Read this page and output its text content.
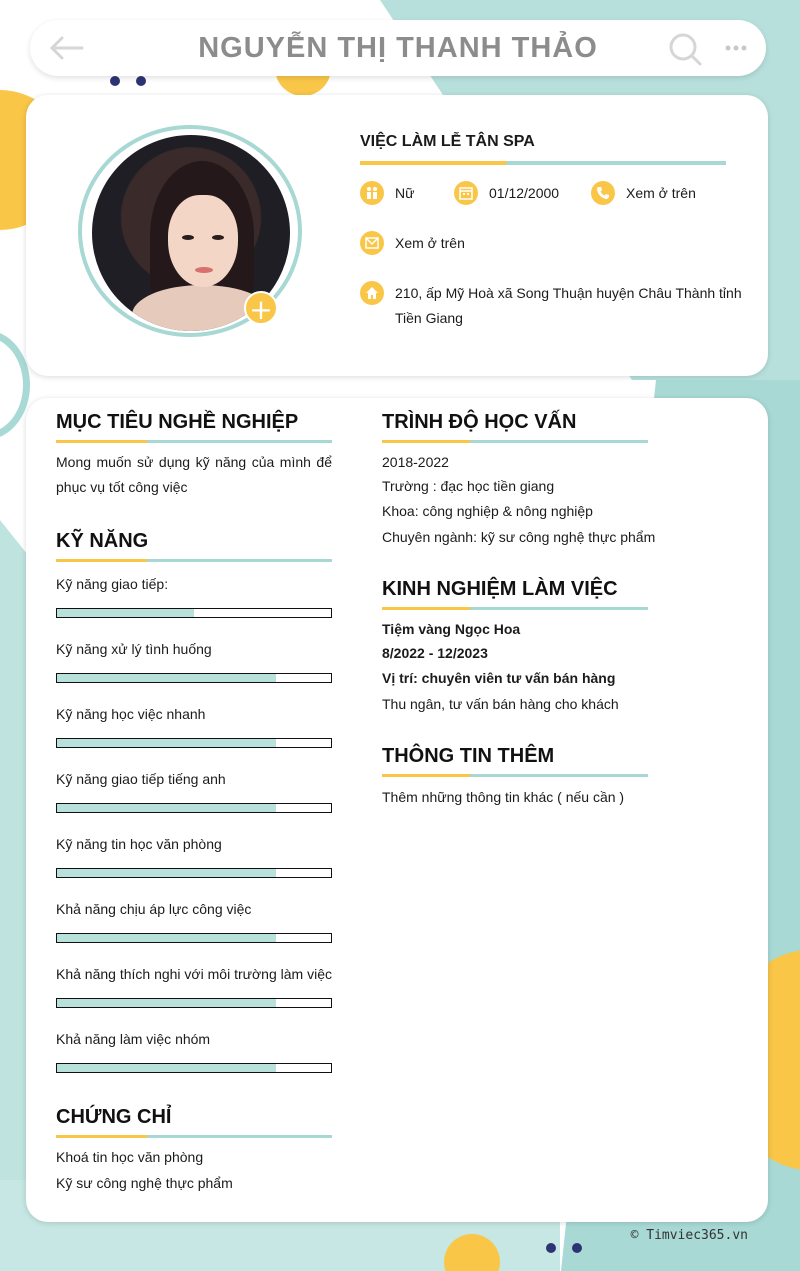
NGUYỄN THỊ THANH THẢO
+
VIỆC LÀM LỄ TÂN SPA
Nữ	01/12/2000	Xem ở trên
Xem ở trên
210, ấp Mỹ Hoà xã Song Thuận huyện Châu Thành tỉnh Tiền Giang
MỤC TIÊU NGHỀ NGHIỆP
Mong muốn sử dụng kỹ năng của mình để phục vụ tốt công việc
KỸ NĂNG
Kỹ năng giao tiếp:
Kỹ năng xử lý tình huống
Kỹ năng học việc nhanh
Kỹ năng giao tiếp tiếng anh
Kỹ năng tin học văn phòng
Khả năng chịu áp lực công việc
Khả năng thích nghi với môi trường làm việc
Khả năng làm việc nhóm
CHỨNG CHỈ
Khoá tin học văn phòng
Kỹ sư công nghệ thực phẩm
TRÌNH ĐỘ HỌC VẤN
2018-2022
Trường : đạc học tiền giang
Khoa: công nghiệp & nông nghiệp
Chuyên ngành: kỹ sư công nghệ thực phẩm
KINH NGHIỆM LÀM VIỆC
Tiệm vàng Ngọc Hoa
8/2022 - 12/2023
Vị trí: chuyên viên tư vấn bán hàng
Thu ngân, tư vấn bán hàng cho khách
THÔNG TIN THÊM
Thêm những thông tin khác ( nếu cần )
© Timviec365.vn
